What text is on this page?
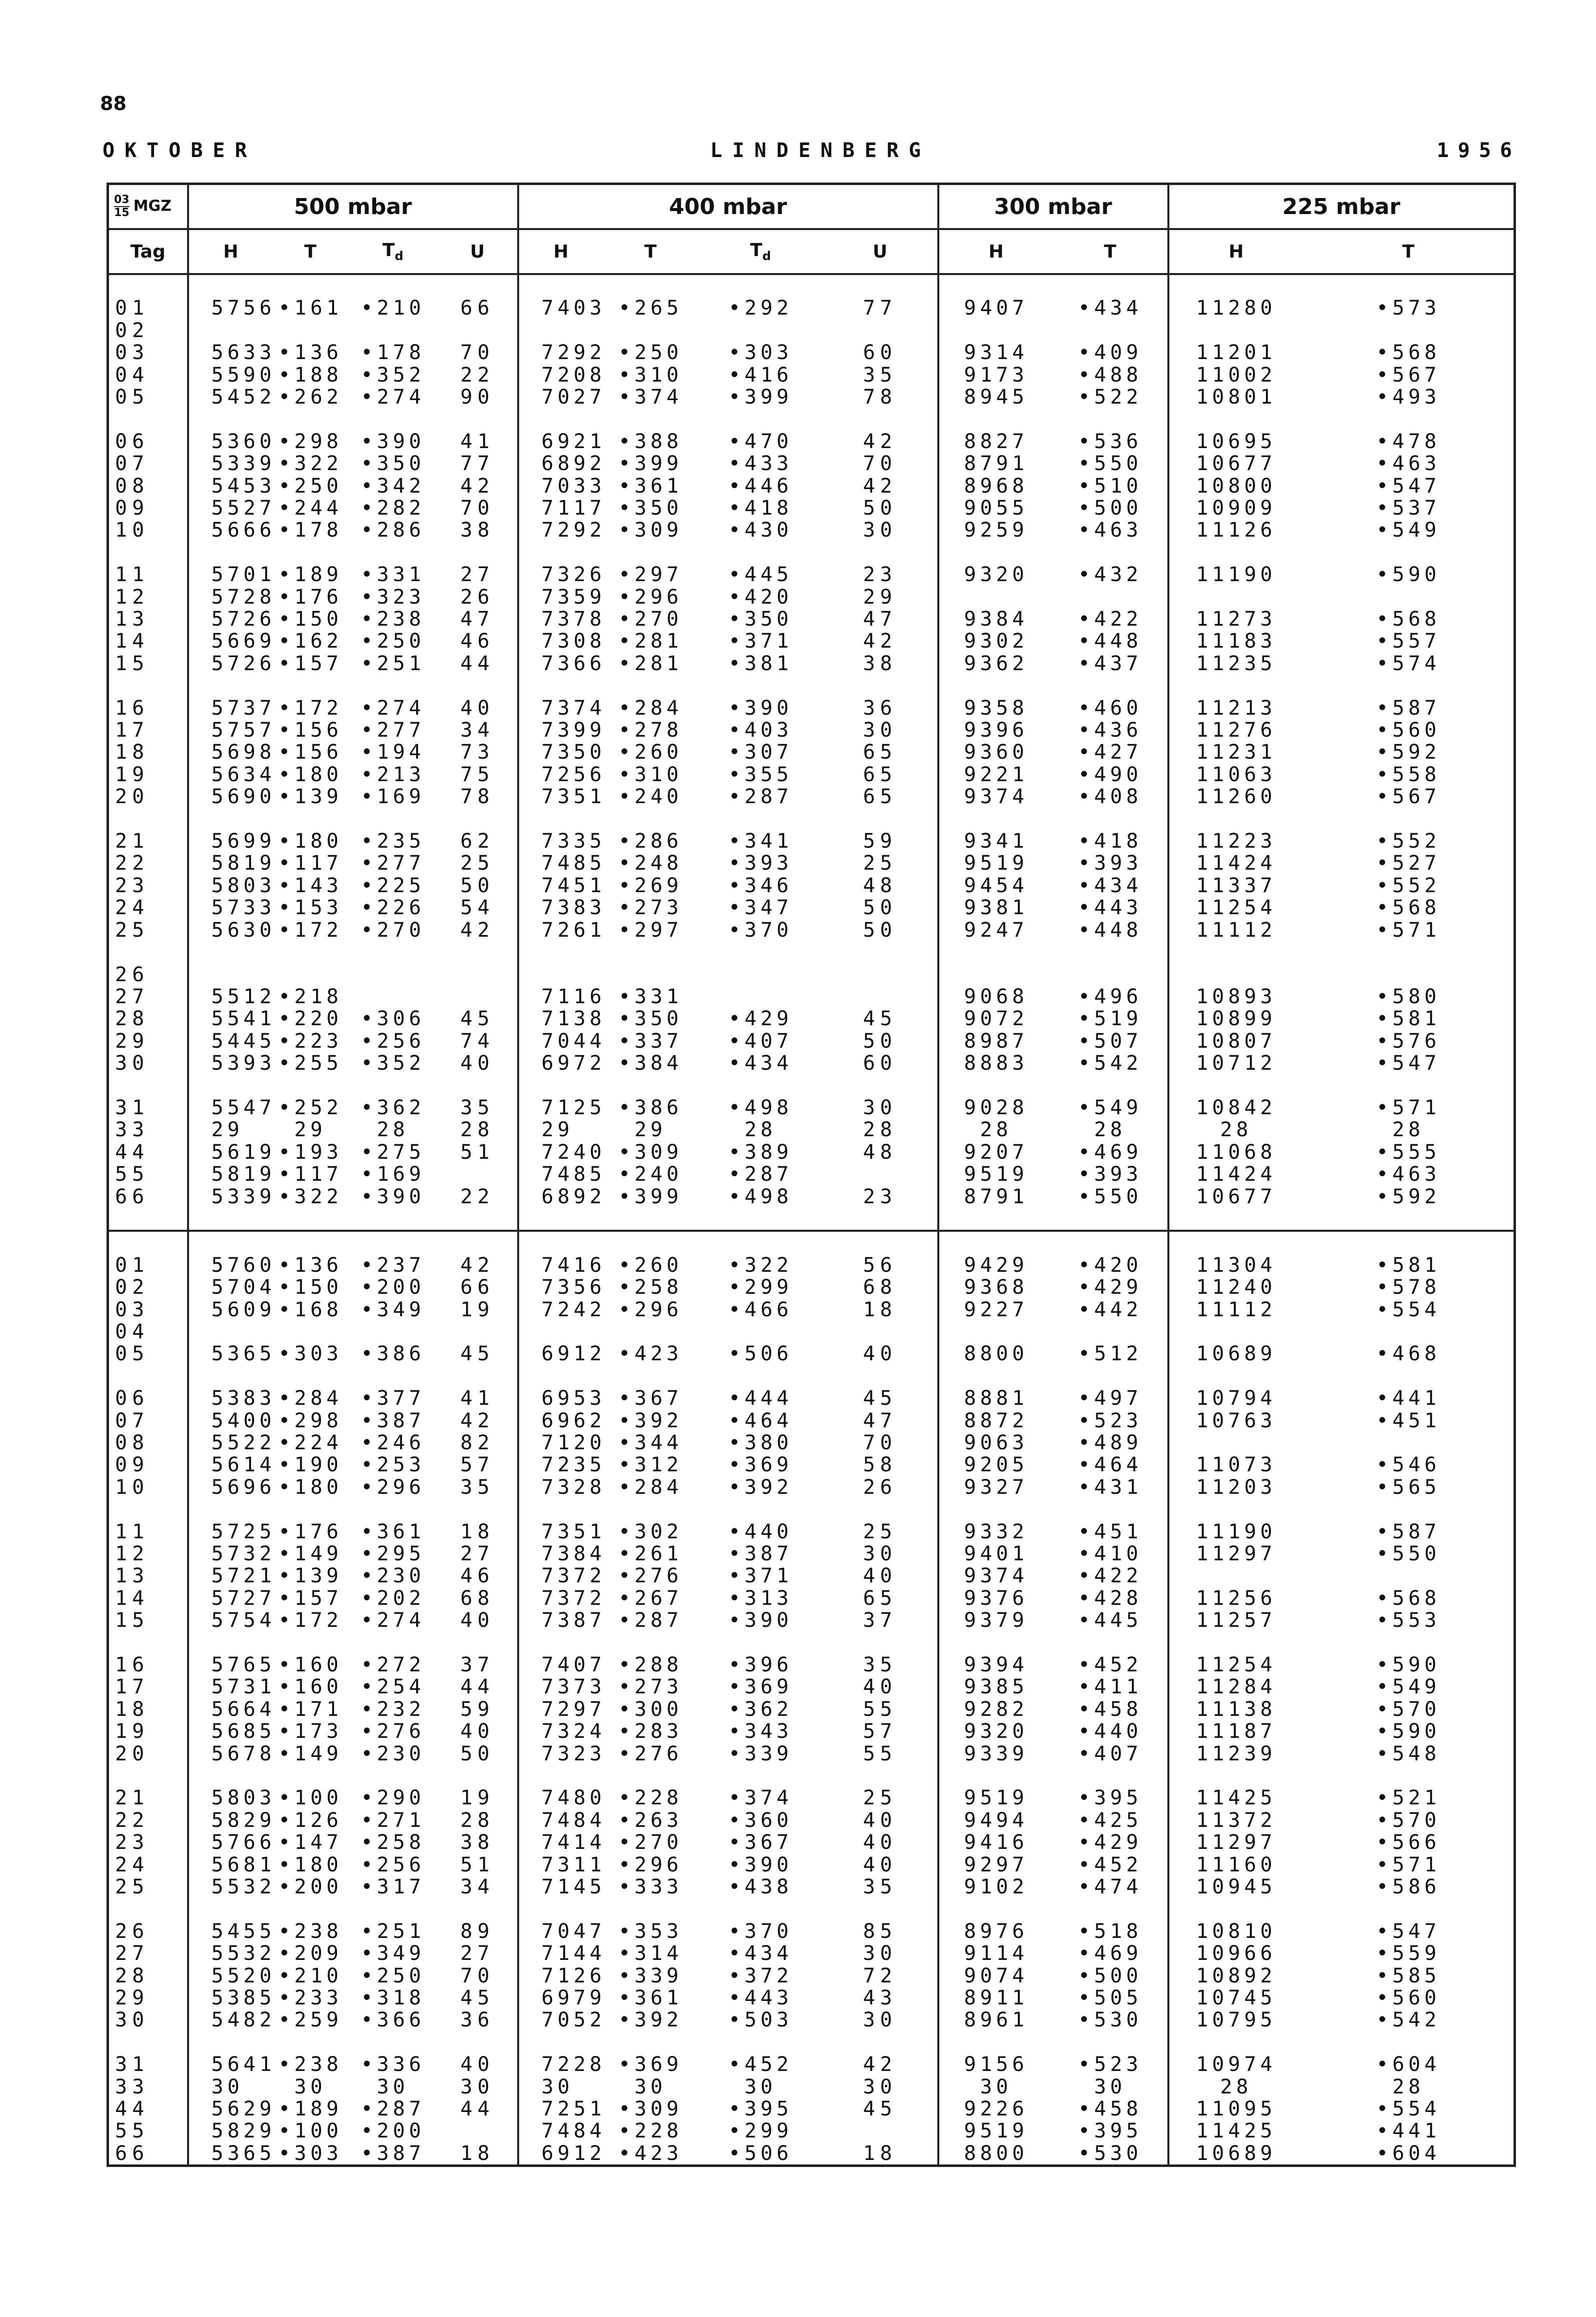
88
OKTOBER	LINDENBERG	1956
$\frac{03}{15}$ MGZ	500 mbar				400 mbar				300 mbar		225 mbar	
Tag	H	T	$T_d$	U	H	T	$T_d$	U	H	T	H	T

01	5756	•161	•210	66	7403	•265	•292	77	9407	•434	11280	•573
02												
03	5633	•136	•178	70	7292	•250	•303	60	9314	•409	11201	•568
04	5590	•188	•352	22	7208	•310	•416	35	9173	•488	11002	•567
05	5452	•262	•274	90	7027	•374	•399	78	8945	•522	10801	•493

06	5360	•298	•390	41	6921	•388	•470	42	8827	•536	10695	•478
07	5339	•322	•350	77	6892	•399	•433	70	8791	•550	10677	•463
08	5453	•250	•342	42	7033	•361	•446	42	8968	•510	10800	•547
09	5527	•244	•282	70	7117	•350	•418	50	9055	•500	10909	•537
10	5666	•178	•286	38	7292	•309	•430	30	9259	•463	11126	•549

11	5701	•189	•331	27	7326	•297	•445	23	9320	•432	11190	•590
12	5728	•176	•323	26	7359	•296	•420	29				
13	5726	•150	•238	47	7378	•270	•350	47	9384	•422	11273	•568
14	5669	•162	•250	46	7308	•281	•371	42	9302	•448	11183	•557
15	5726	•157	•251	44	7366	•281	•381	38	9362	•437	11235	•574

16	5737	•172	•274	40	7374	•284	•390	36	9358	•460	11213	•587
17	5757	•156	•277	34	7399	•278	•403	30	9396	•436	11276	•560
18	5698	•156	•194	73	7350	•260	•307	65	9360	•427	11231	•592
19	5634	•180	•213	75	7256	•310	•355	65	9221	•490	11063	•558
20	5690	•139	•169	78	7351	•240	•287	65	9374	•408	11260	•567

21	5699	•180	•235	62	7335	•286	•341	59	9341	•418	11223	•552
22	5819	•117	•277	25	7485	•248	•393	25	9519	•393	11424	•527
23	5803	•143	•225	50	7451	•269	•346	48	9454	•434	11337	•552
24	5733	•153	•226	54	7383	•273	•347	50	9381	•443	11254	•568
25	5630	•172	•270	42	7261	•297	•370	50	9247	•448	11112	•571

26												
27	5512	•218			7116	•331			9068	•496	10893	•580
28	5541	•220	•306	45	7138	•350	•429	45	9072	•519	10899	•581
29	5445	•223	•256	74	7044	•337	•407	50	8987	•507	10807	•576
30	5393	•255	•352	40	6972	•384	•434	60	8883	•542	10712	•547

31	5547	•252	•362	35	7125	•386	•498	30	9028	•549	10842	•571
33	29	29	28	28	29	29	28	28	28	28	28	28
44	5619	•193	•275	51	7240	•309	•389	48	9207	•469	11068	•555
55	5819	•117	•169		7485	•240	•287		9519	•393	11424	•463
66	5339	•322	•390	22	6892	•399	•498	23	8791	•550	10677	•592

01	5760	•136	•237	42	7416	•260	•322	56	9429	•420	11304	•581
02	5704	•150	•200	66	7356	•258	•299	68	9368	•429	11240	•578
03	5609	•168	•349	19	7242	•296	•466	18	9227	•442	11112	•554
04												
05	5365	•303	•386	45	6912	•423	•506	40	8800	•512	10689	•468

06	5383	•284	•377	41	6953	•367	•444	45	8881	•497	10794	•441
07	5400	•298	•387	42	6962	•392	•464	47	8872	•523	10763	•451
08	5522	•224	•246	82	7120	•344	•380	70	9063	•489		
09	5614	•190	•253	57	7235	•312	•369	58	9205	•464	11073	•546
10	5696	•180	•296	35	7328	•284	•392	26	9327	•431	11203	•565

11	5725	•176	•361	18	7351	•302	•440	25	9332	•451	11190	•587
12	5732	•149	•295	27	7384	•261	•387	30	9401	•410	11297	•550
13	5721	•139	•230	46	7372	•276	•371	40	9374	•422		
14	5727	•157	•202	68	7372	•267	•313	65	9376	•428	11256	•568
15	5754	•172	•274	40	7387	•287	•390	37	9379	•445	11257	•553

16	5765	•160	•272	37	7407	•288	•396	35	9394	•452	11254	•590
17	5731	•160	•254	44	7373	•273	•369	40	9385	•411	11284	•549
18	5664	•171	•232	59	7297	•300	•362	55	9282	•458	11138	•570
19	5685	•173	•276	40	7324	•283	•343	57	9320	•440	11187	•590
20	5678	•149	•230	50	7323	•276	•339	55	9339	•407	11239	•548

21	5803	•100	•290	19	7480	•228	•374	25	9519	•395	11425	•521
22	5829	•126	•271	28	7484	•263	•360	40	9494	•425	11372	•570
23	5766	•147	•258	38	7414	•270	•367	40	9416	•429	11297	•566
24	5681	•180	•256	51	7311	•296	•390	40	9297	•452	11160	•571
25	5532	•200	•317	34	7145	•333	•438	35	9102	•474	10945	•586

26	5455	•238	•251	89	7047	•353	•370	85	8976	•518	10810	•547
27	5532	•209	•349	27	7144	•314	•434	30	9114	•469	10966	•559
28	5520	•210	•250	70	7126	•339	•372	72	9074	•500	10892	•585
29	5385	•233	•318	45	6979	•361	•443	43	8911	•505	10745	•560
30	5482	•259	•366	36	7052	•392	•503	30	8961	•530	10795	•542

31	5641	•238	•336	40	7228	•369	•452	42	9156	•523	10974	•604
33	30	30	30	30	30	30	30	30	30	30	28	28
44	5629	•189	•287	44	7251	•309	•395	45	9226	•458	11095	•554
55	5829	•100	•200		7484	•228	•299		9519	•395	11425	•441
66	5365	•303	•387	18	6912	•423	•506	18	8800	•530	10689	•604
